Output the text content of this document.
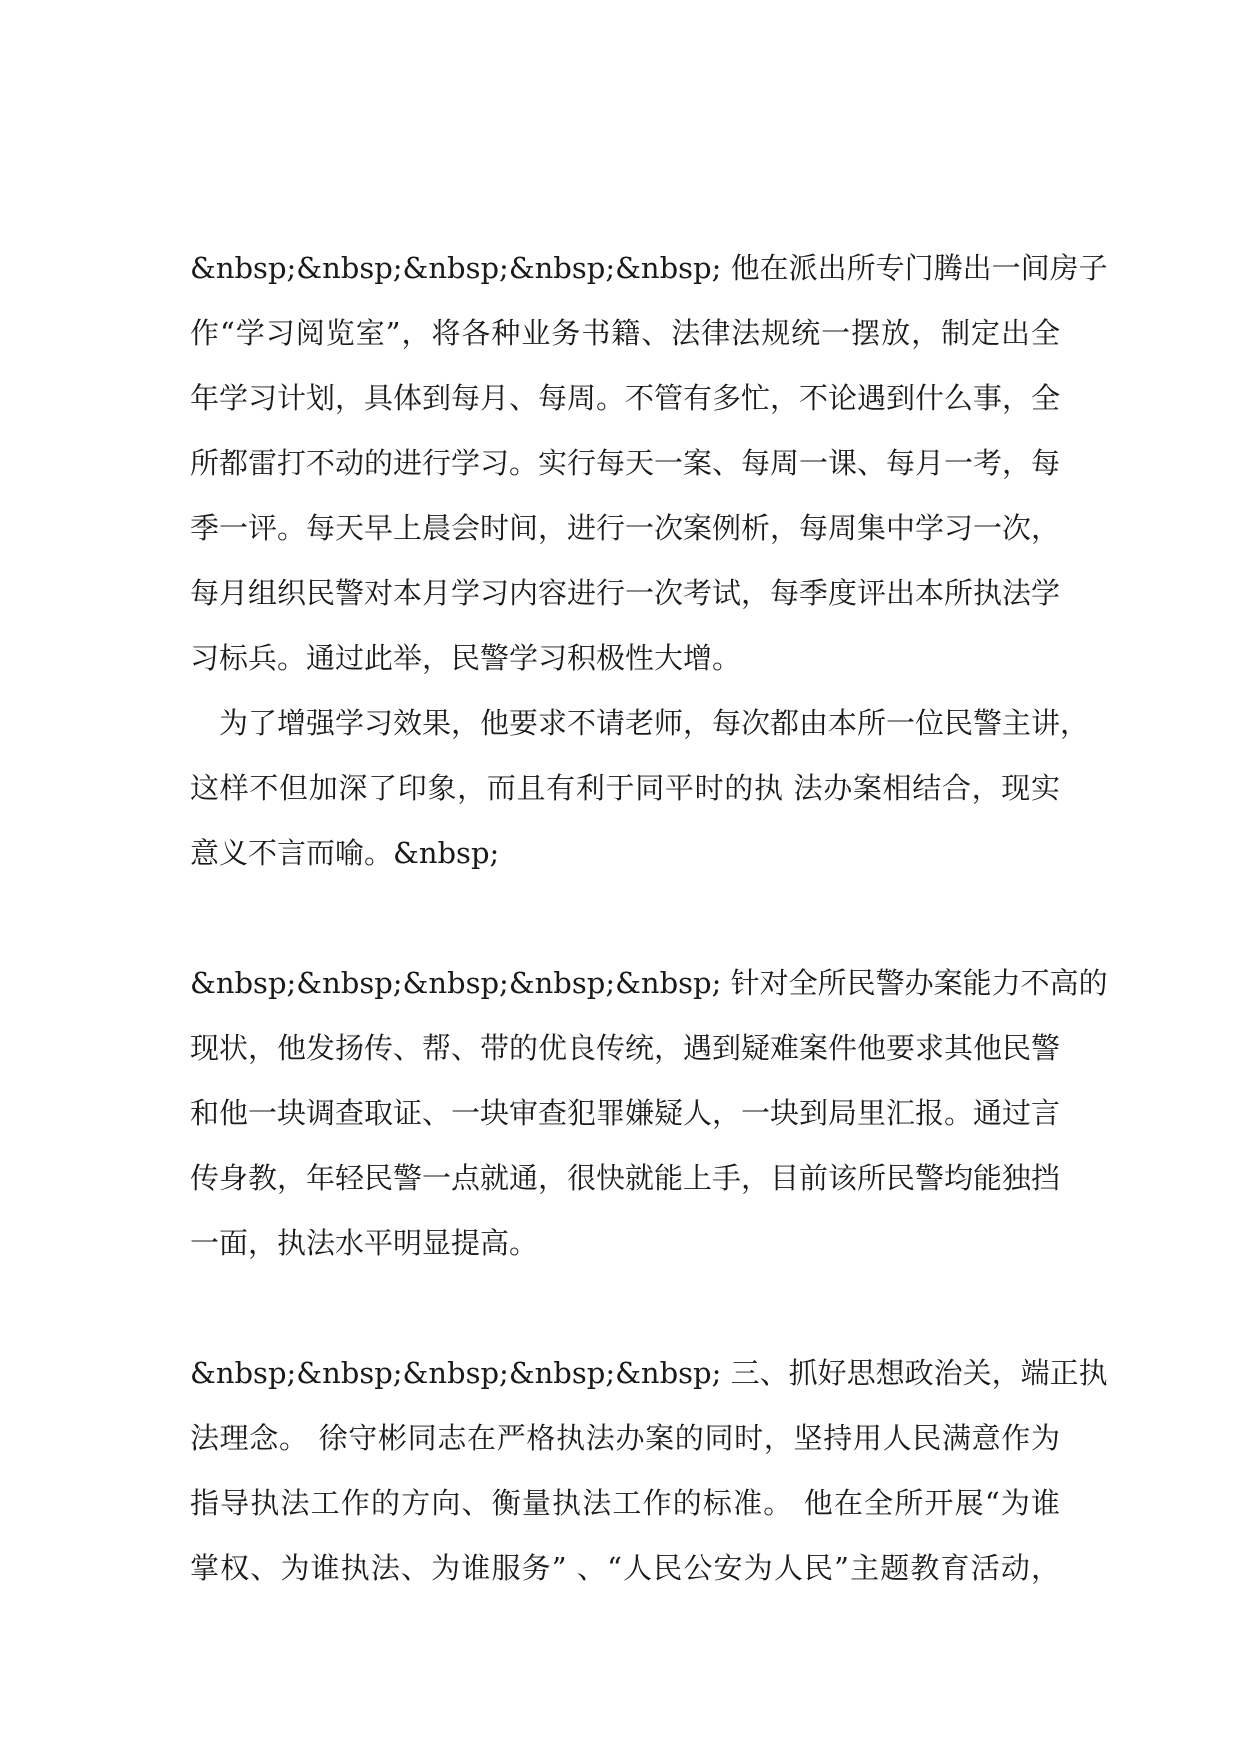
&nbsp;&nbsp;&nbsp;&nbsp;&nbsp; 他在派出所专门腾出一间房子
作“学习阅览室”，将各种业务书籍、法律法规统一摆放，制定出全
年学习计划，具体到每月、每周。不管有多忙，不论遇到什么事，全
所都雷打不动的进行学习。实行每天一案、每周一课、每月一考，每
季一评。每天早上晨会时间，进行一次案例析，每周集中学习一次，
每月组织民警对本月学习内容进行一次考试，每季度评出本所执法学
习标兵。通过此举，民警学习积极性大增。
为了增强学习效果，他要求不请老师，每次都由本所一位民警主讲，
这样不但加深了印象，而且有利于同平时的执 法办案相结合，现实
意义不言而喻。&nbsp;
&nbsp;&nbsp;&nbsp;&nbsp;&nbsp; 针对全所民警办案能力不高的
现状，他发扬传、帮、带的优良传统，遇到疑难案件他要求其他民警
和他一块调查取证、一块审查犯罪嫌疑人，一块到局里汇报。通过言
传身教，年轻民警一点就通，很快就能上手，目前该所民警均能独挡
一面，执法水平明显提高。
&nbsp;&nbsp;&nbsp;&nbsp;&nbsp; 三、抓好思想政治关，端正执
法理念。 徐守彬同志在严格执法办案的同时，坚持用人民满意作为
指导执法工作的方向、衡量执法工作的标准。 他在全所开展“为谁
掌权、为谁执法、为谁服务” 、“人民公安为人民”主题教育活动，
